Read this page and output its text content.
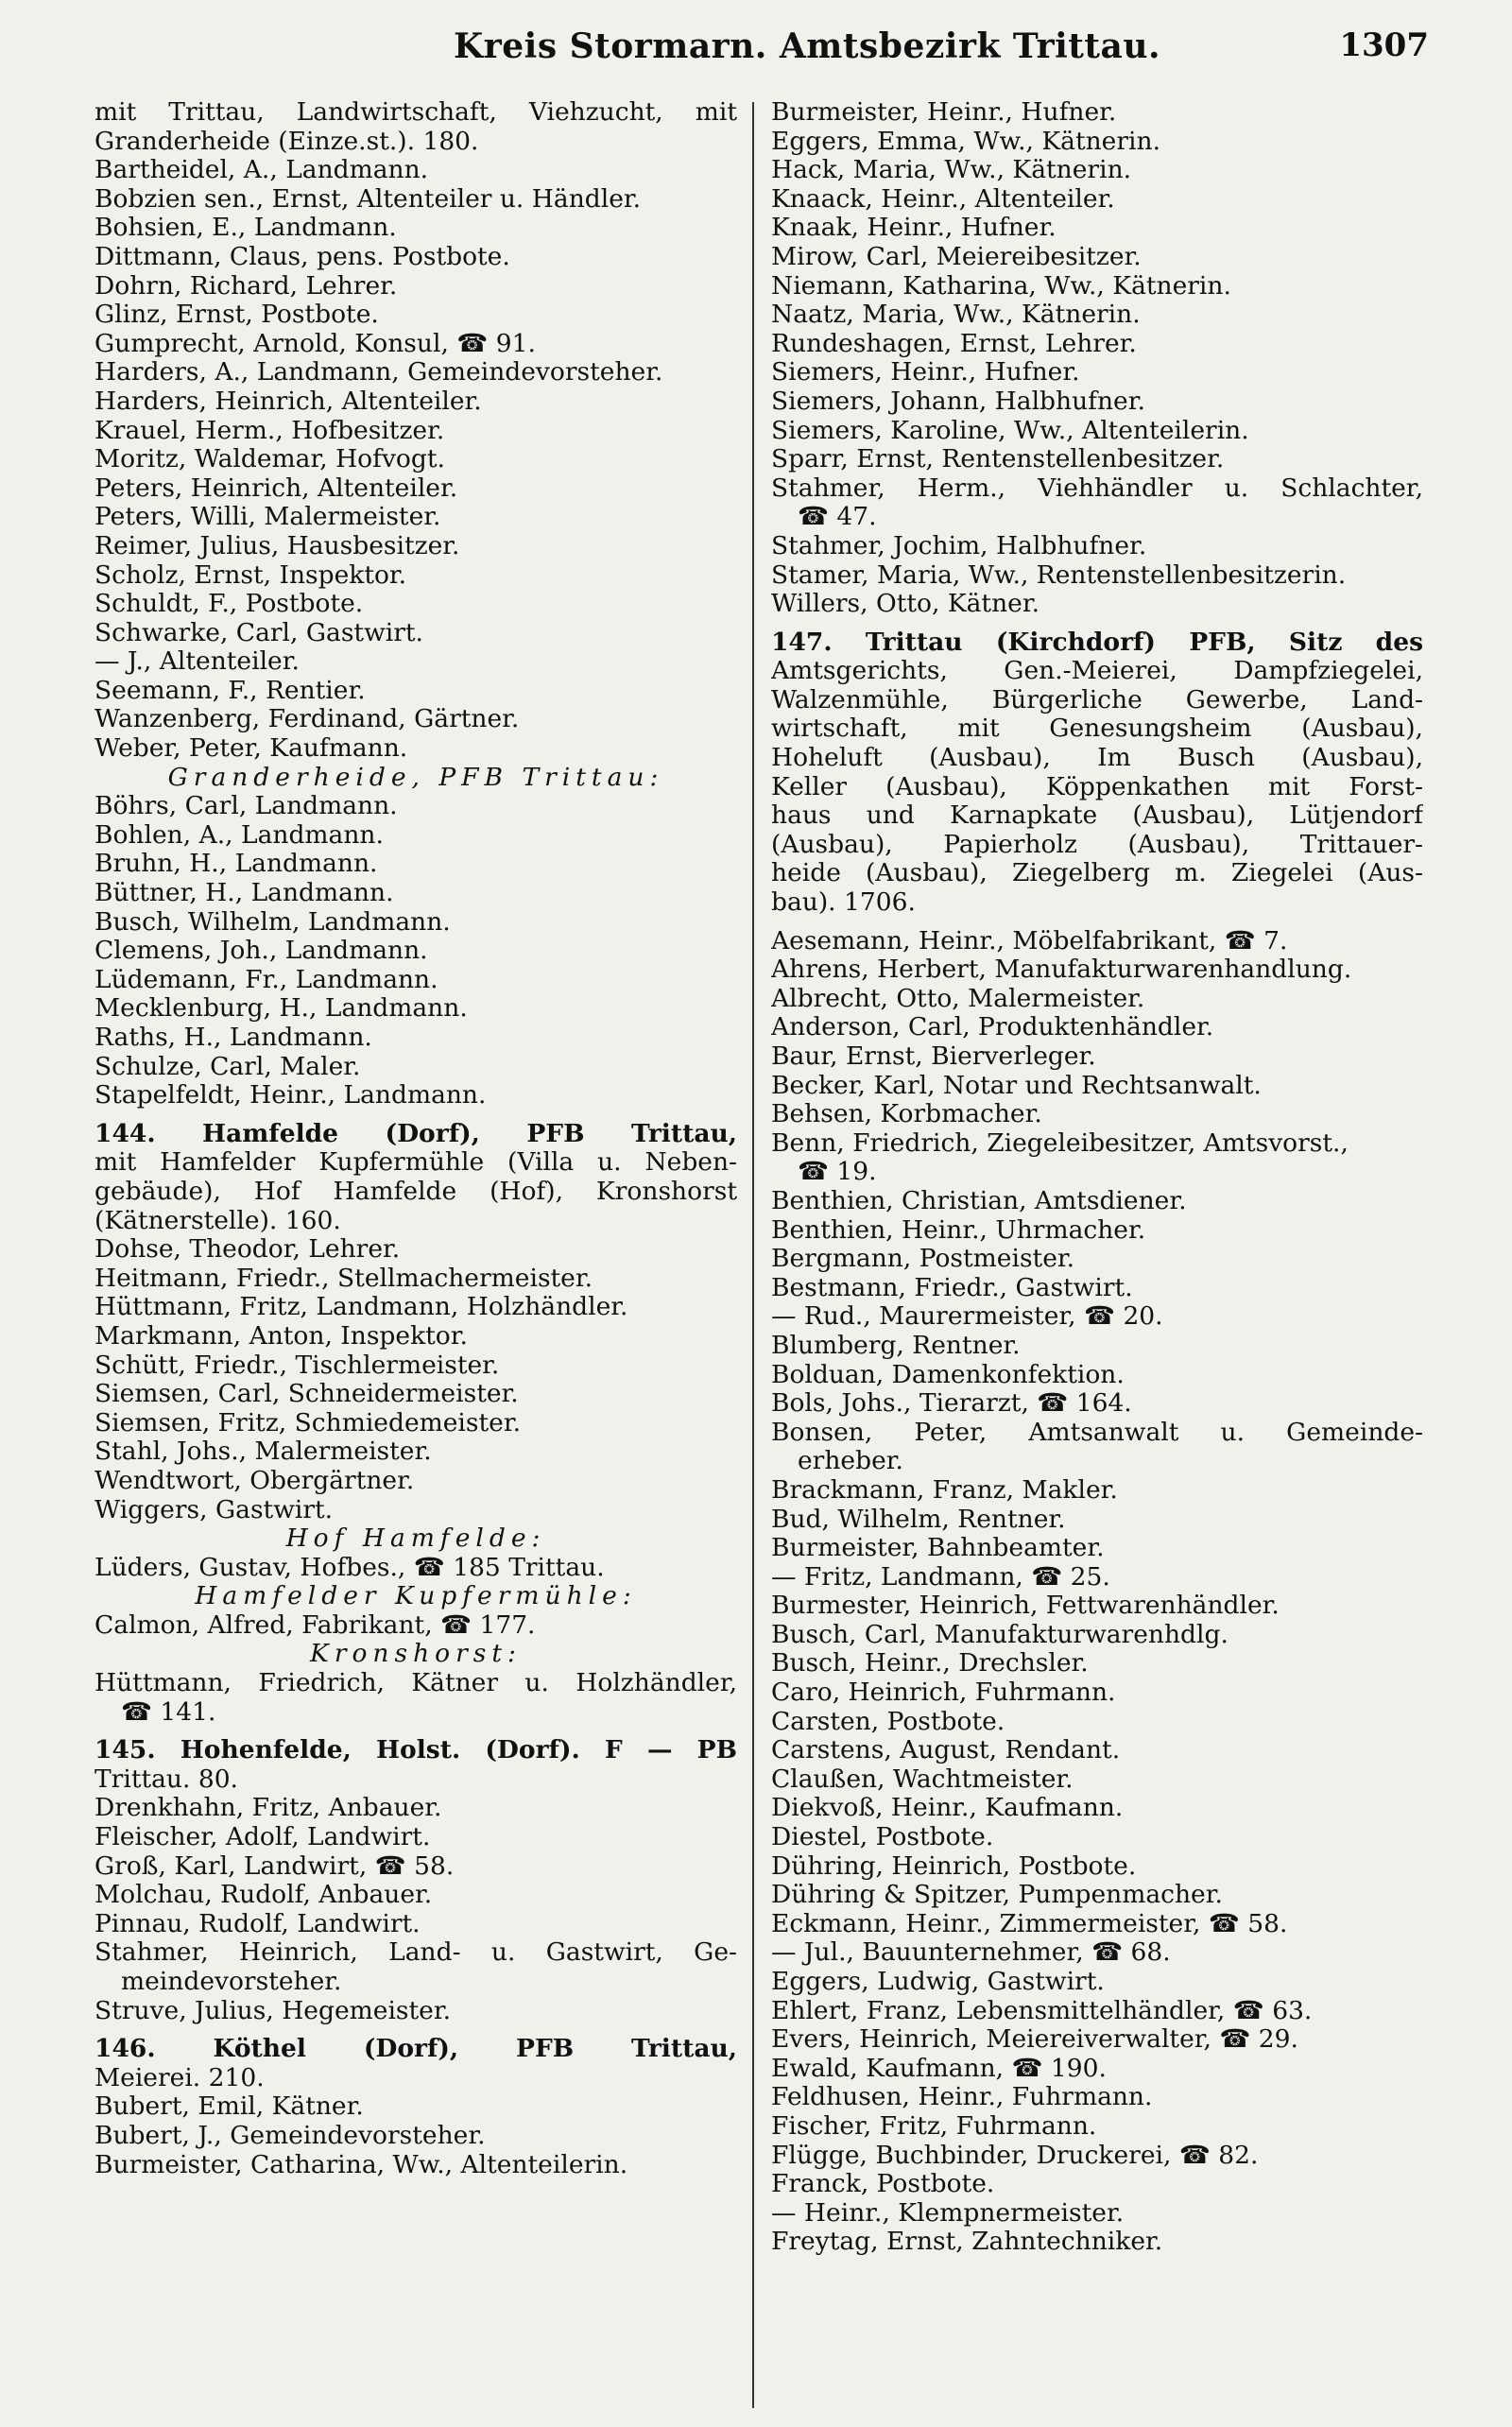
Kreis Stormarn. Amtsbezirk Trittau.	1307
mit Trittau, Landwirtschaft, Viehzucht, mit
Granderheide (Einze.st.). 180.
Bartheidel, A., Landmann.
Bobzien sen., Ernst, Altenteiler u. Händler.
Bohsien, E., Landmann.
Dittmann, Claus, pens. Postbote.
Dohrn, Richard, Lehrer.
Glinz, Ernst, Postbote.
Gumprecht, Arnold, Konsul, ☎ 91.
Harders, A., Landmann, Gemeindevorsteher.
Harders, Heinrich, Altenteiler.
Krauel, Herm., Hofbesitzer.
Moritz, Waldemar, Hofvogt.
Peters, Heinrich, Altenteiler.
Peters, Willi, Malermeister.
Reimer, Julius, Hausbesitzer.
Scholz, Ernst, Inspektor.
Schuldt, F., Postbote.
Schwarke, Carl, Gastwirt.
— J., Altenteiler.
Seemann, F., Rentier.
Wanzenberg, Ferdinand, Gärtner.
Weber, Peter, Kaufmann.
Granderheide, PFB Trittau:
Böhrs, Carl, Landmann.
Bohlen, A., Landmann.
Bruhn, H., Landmann.
Büttner, H., Landmann.
Busch, Wilhelm, Landmann.
Clemens, Joh., Landmann.
Lüdemann, Fr., Landmann.
Mecklenburg, H., Landmann.
Raths, H., Landmann.
Schulze, Carl, Maler.
Stapelfeldt, Heinr., Landmann.
144. Hamfelde (Dorf), PFB Trittau,
mit Hamfelder Kupfermühle (Villa u. Neben-
gebäude), Hof Hamfelde (Hof), Kronshorst
(Kätnerstelle). 160.
Dohse, Theodor, Lehrer.
Heitmann, Friedr., Stellmachermeister.
Hüttmann, Fritz, Landmann, Holzhändler.
Markmann, Anton, Inspektor.
Schütt, Friedr., Tischlermeister.
Siemsen, Carl, Schneidermeister.
Siemsen, Fritz, Schmiedemeister.
Stahl, Johs., Malermeister.
Wendtwort, Obergärtner.
Wiggers, Gastwirt.
Hof Hamfelde:
Lüders, Gustav, Hofbes., ☎ 185 Trittau.
Hamfelder Kupfermühle:
Calmon, Alfred, Fabrikant, ☎ 177.
Kronshorst:
Hüttmann, Friedrich, Kätner u. Holzhändler,
☎ 141.
145. Hohenfelde, Holst. (Dorf). F — PB
Trittau. 80.
Drenkhahn, Fritz, Anbauer.
Fleischer, Adolf, Landwirt.
Groß, Karl, Landwirt, ☎ 58.
Molchau, Rudolf, Anbauer.
Pinnau, Rudolf, Landwirt.
Stahmer, Heinrich, Land- u. Gastwirt, Ge-
meindevorsteher.
Struve, Julius, Hegemeister.
146. Köthel (Dorf), PFB Trittau,
Meierei. 210.
Bubert, Emil, Kätner.
Bubert, J., Gemeindevorsteher.
Burmeister, Catharina, Ww., Altenteilerin.
Burmeister, Heinr., Hufner.
Eggers, Emma, Ww., Kätnerin.
Hack, Maria, Ww., Kätnerin.
Knaack, Heinr., Altenteiler.
Knaak, Heinr., Hufner.
Mirow, Carl, Meiereibesitzer.
Niemann, Katharina, Ww., Kätnerin.
Naatz, Maria, Ww., Kätnerin.
Rundeshagen, Ernst, Lehrer.
Siemers, Heinr., Hufner.
Siemers, Johann, Halbhufner.
Siemers, Karoline, Ww., Altenteilerin.
Sparr, Ernst, Rentenstellenbesitzer.
Stahmer, Herm., Viehhändler u. Schlachter,
☎ 47.
Stahmer, Jochim, Halbhufner.
Stamer, Maria, Ww., Rentenstellenbesitzerin.
Willers, Otto, Kätner.
147. Trittau (Kirchdorf) PFB, Sitz des
Amtsgerichts, Gen.-Meierei, Dampfziegelei,
Walzenmühle, Bürgerliche Gewerbe, Land-
wirtschaft, mit Genesungsheim (Ausbau),
Hoheluft (Ausbau), Im Busch (Ausbau),
Keller (Ausbau), Köppenkathen mit Forst-
haus und Karnapkate (Ausbau), Lütjendorf
(Ausbau), Papierholz (Ausbau), Trittauer-
heide (Ausbau), Ziegelberg m. Ziegelei (Aus-
bau). 1706.
Aesemann, Heinr., Möbelfabrikant, ☎ 7.
Ahrens, Herbert, Manufakturwarenhandlung.
Albrecht, Otto, Malermeister.
Anderson, Carl, Produktenhändler.
Baur, Ernst, Bierverleger.
Becker, Karl, Notar und Rechtsanwalt.
Behsen, Korbmacher.
Benn, Friedrich, Ziegeleibesitzer, Amtsvorst.,
☎ 19.
Benthien, Christian, Amtsdiener.
Benthien, Heinr., Uhrmacher.
Bergmann, Postmeister.
Bestmann, Friedr., Gastwirt.
— Rud., Maurermeister, ☎ 20.
Blumberg, Rentner.
Bolduan, Damenkonfektion.
Bols, Johs., Tierarzt, ☎ 164.
Bonsen, Peter, Amtsanwalt u. Gemeinde-
erheber.
Brackmann, Franz, Makler.
Bud, Wilhelm, Rentner.
Burmeister, Bahnbeamter.
— Fritz, Landmann, ☎ 25.
Burmester, Heinrich, Fettwarenhändler.
Busch, Carl, Manufakturwarenhdlg.
Busch, Heinr., Drechsler.
Caro, Heinrich, Fuhrmann.
Carsten, Postbote.
Carstens, August, Rendant.
Claußen, Wachtmeister.
Diekvoß, Heinr., Kaufmann.
Diestel, Postbote.
Dühring, Heinrich, Postbote.
Dühring & Spitzer, Pumpenmacher.
Eckmann, Heinr., Zimmermeister, ☎ 58.
— Jul., Bauunternehmer, ☎ 68.
Eggers, Ludwig, Gastwirt.
Ehlert, Franz, Lebensmittelhändler, ☎ 63.
Evers, Heinrich, Meiereiverwalter, ☎ 29.
Ewald, Kaufmann, ☎ 190.
Feldhusen, Heinr., Fuhrmann.
Fischer, Fritz, Fuhrmann.
Flügge, Buchbinder, Druckerei, ☎ 82.
Franck, Postbote.
— Heinr., Klempnermeister.
Freytag, Ernst, Zahntechniker.
